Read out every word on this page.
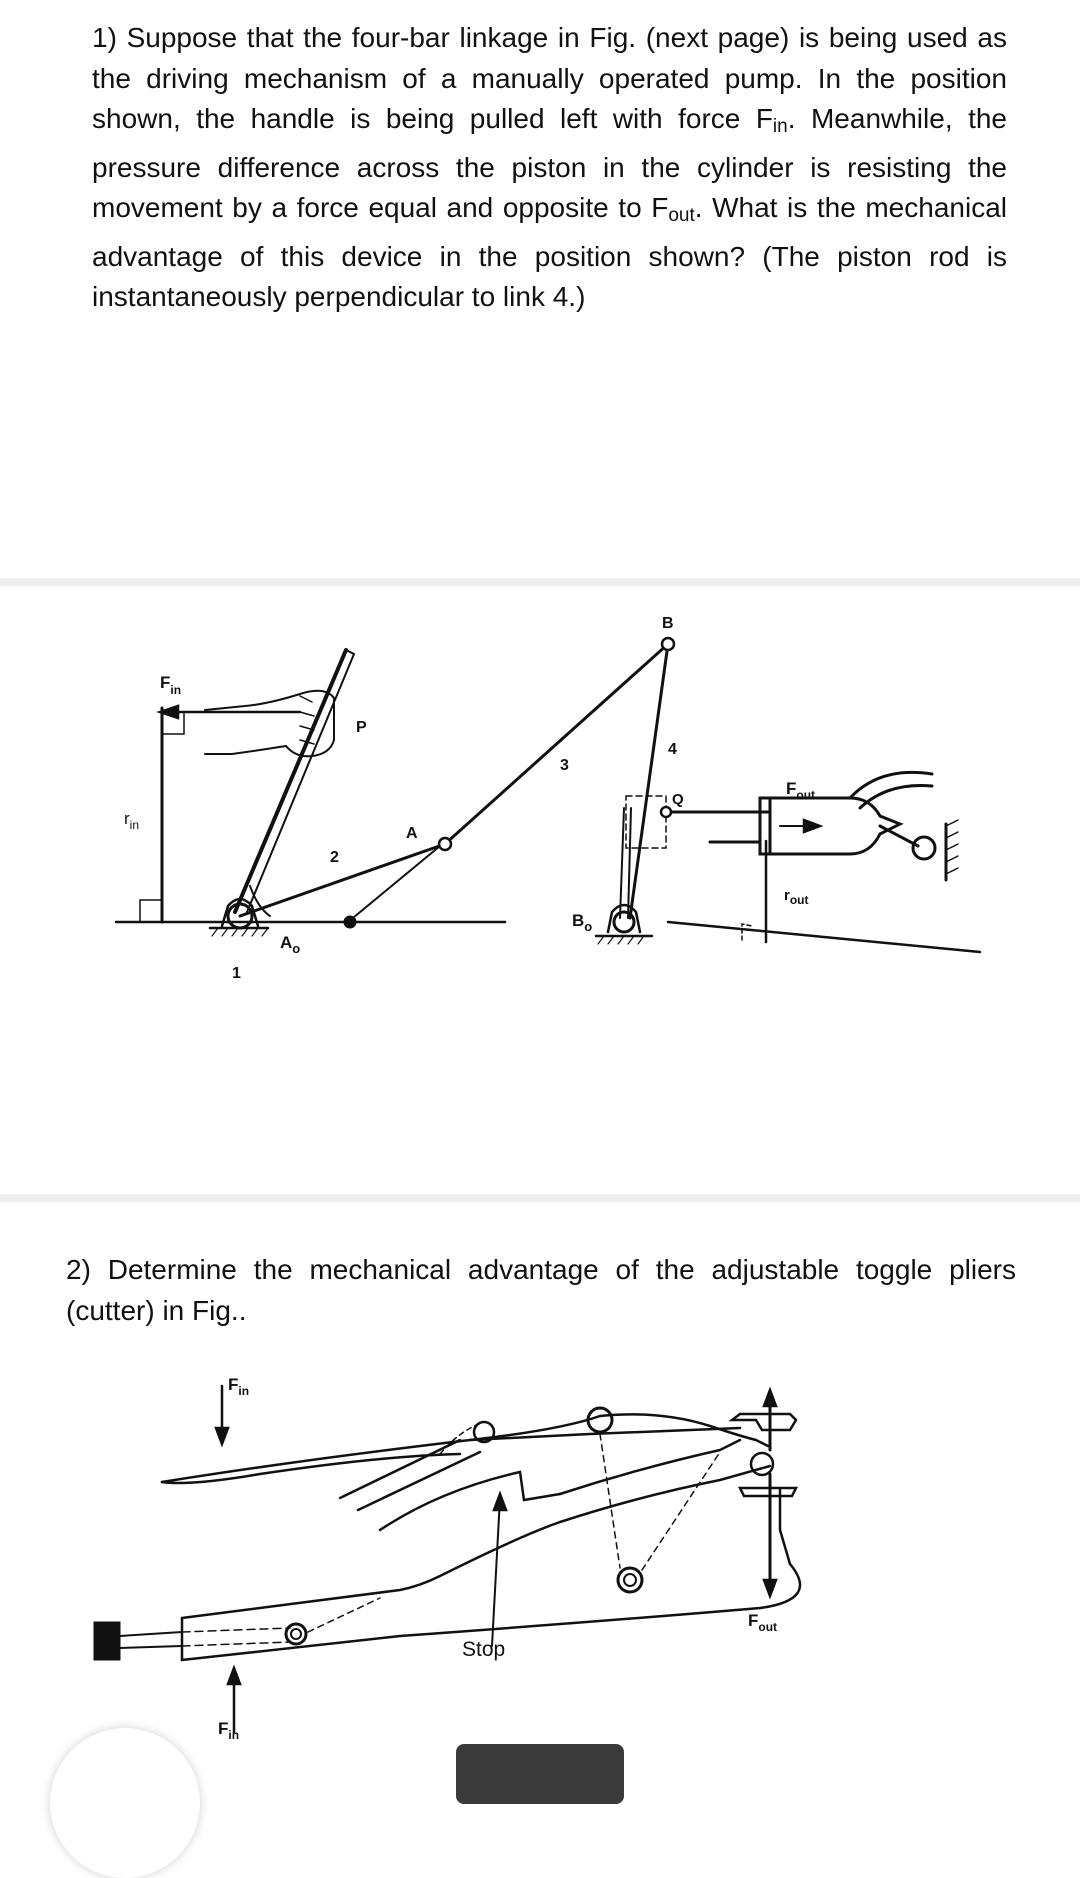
1) Suppose that the four-bar linkage in Fig. (next page) is being used as the driving mechanism of a manually operated pump. In the position shown, the handle is being pulled left with force $F_{in}$. Meanwhile, the pressure difference across the piston in the cylinder is resisting the movement by a force equal and opposite to $F_{out}$. What is the mechanical advantage of this device in the position shown? (The piston rod is instantaneously perpendicular to link 4.)

$F_{in}$
$r_{in}$
P
2
A
$A_o$
1
3
B
4
Q
$B_o$
$F_{out}$
$r_{out}$

2) Determine the mechanical advantage of the adjustable toggle pliers (cutter) in Fig..

$F_{in}$
Stop
$F_{out}$
$F_{in}$
